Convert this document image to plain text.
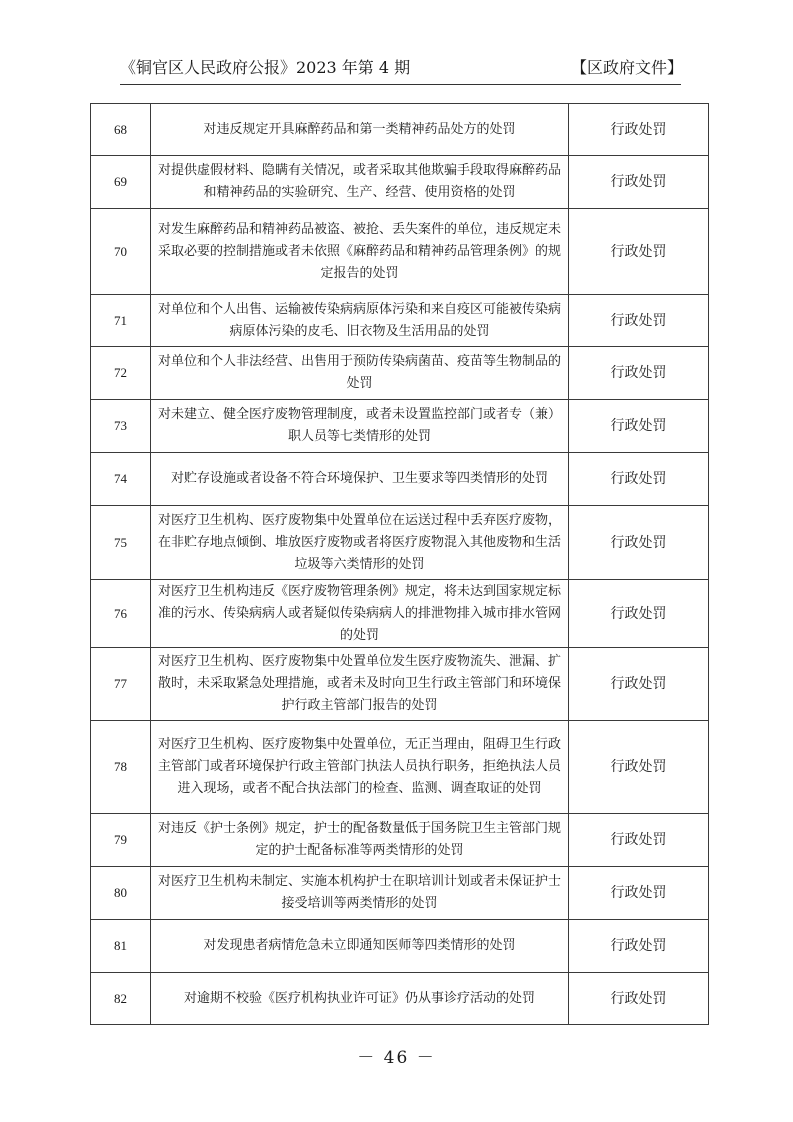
《铜官区人民政府公报》2023 年第 4 期	【区政府文件】
68	对违反规定开具麻醉药品和第一类精神药品处方的处罚	行政处罚
69	对提供虚假材料、隐瞒有关情况，或者采取其他欺骗手段取得麻醉药品和精神药品的实验研究、生产、经营、使用资格的处罚	行政处罚
70	对发生麻醉药品和精神药品被盗、被抢、丢失案件的单位，违反规定未采取必要的控制措施或者未依照《麻醉药品和精神药品管理条例》的规定报告的处罚	行政处罚
71	对单位和个人出售、运输被传染病病原体污染和来自疫区可能被传染病病原体污染的皮毛、旧衣物及生活用品的处罚	行政处罚
72	对单位和个人非法经营、出售用于预防传染病菌苗、疫苗等生物制品的处罚	行政处罚
73	对未建立、健全医疗废物管理制度，或者未设置监控部门或者专（兼）职人员等七类情形的处罚	行政处罚
74	对贮存设施或者设备不符合环境保护、卫生要求等四类情形的处罚	行政处罚
75	对医疗卫生机构、医疗废物集中处置单位在运送过程中丢弃医疗废物，在非贮存地点倾倒、堆放医疗废物或者将医疗废物混入其他废物和生活垃圾等六类情形的处罚	行政处罚
76	对医疗卫生机构违反《医疗废物管理条例》规定，将未达到国家规定标准的污水、传染病病人或者疑似传染病病人的排泄物排入城市排水管网的处罚	行政处罚
77	对医疗卫生机构、医疗废物集中处置单位发生医疗废物流失、泄漏、扩散时，未采取紧急处理措施，或者未及时向卫生行政主管部门和环境保护行政主管部门报告的处罚	行政处罚
78	对医疗卫生机构、医疗废物集中处置单位，无正当理由，阻碍卫生行政主管部门或者环境保护行政主管部门执法人员执行职务，拒绝执法人员进入现场，或者不配合执法部门的检查、监测、调查取证的处罚	行政处罚
79	对违反《护士条例》规定，护士的配备数量低于国务院卫生主管部门规定的护士配备标准等两类情形的处罚	行政处罚
80	对医疗卫生机构未制定、实施本机构护士在职培训计划或者未保证护士接受培训等两类情形的处罚	行政处罚
81	对发现患者病情危急未立即通知医师等四类情形的处罚	行政处罚
82	对逾期不校验《医疗机构执业许可证》仍从事诊疗活动的处罚	行政处罚
－ 46 －
